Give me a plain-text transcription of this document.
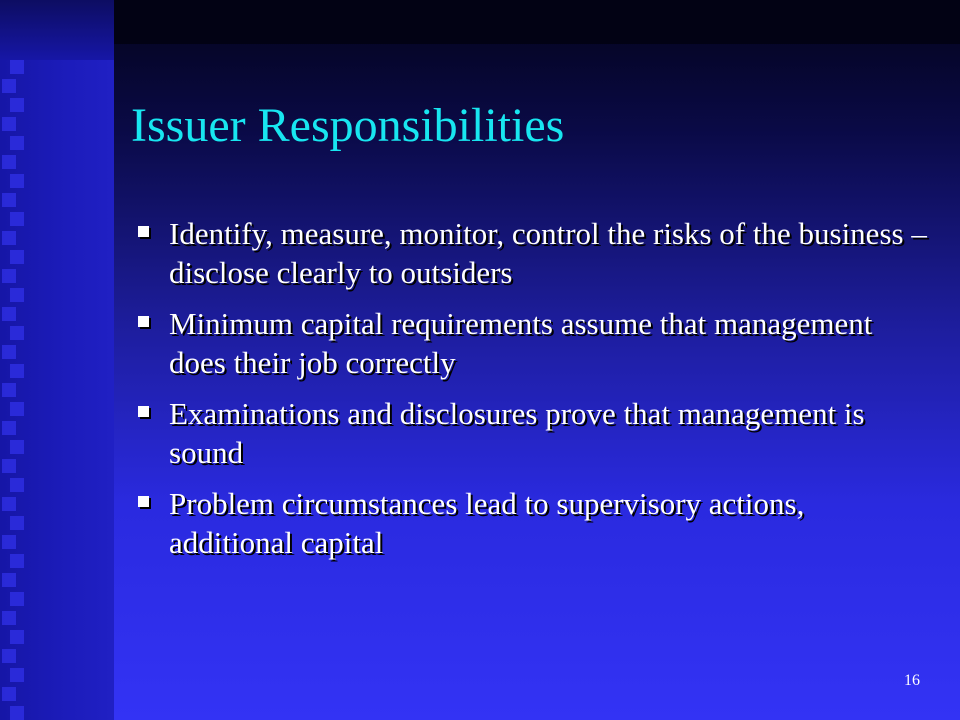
Issuer Responsibilities
Identify, measure, monitor, control the risks of the business – disclose clearly to outsiders
Minimum capital requirements assume that management does their job correctly
Examinations and disclosures prove that management is sound
Problem circumstances lead to supervisory actions, additional capital
16
